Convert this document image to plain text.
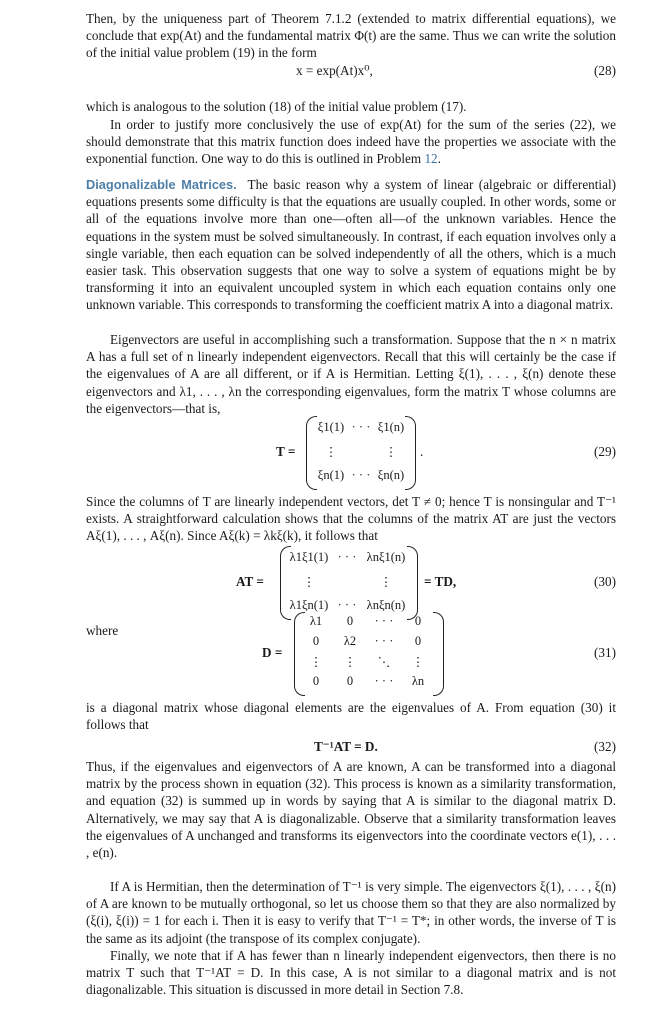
Then, by the uniqueness part of Theorem 7.1.2 (extended to matrix differential equations), we conclude that exp(At) and the fundamental matrix Φ(t) are the same. Thus we can write the solution of the initial value problem (19) in the form

x = exp(At)x⁰,	(28)

which is analogous to the solution (18) of the initial value problem (17).

In order to justify more conclusively the use of exp(At) for the sum of the series (22), we should demonstrate that this matrix function does indeed have the properties we associate with the exponential function. One way to do this is outlined in Problem 12.

Diagonalizable Matrices. The basic reason why a system of linear (algebraic or differential) equations presents some difficulty is that the equations are usually coupled. In other words, some or all of the equations involve more than one—often all—of the unknown variables. Hence the equations in the system must be solved simultaneously. In contrast, if each equation involves only a single variable, then each equation can be solved independently of all the others, which is a much easier task. This observation suggests that one way to solve a system of equations might be by transforming it into an equivalent uncoupled system in which each equation contains only one unknown variable. This corresponds to transforming the coefficient matrix A into a diagonal matrix.

Eigenvectors are useful in accomplishing such a transformation. Suppose that the n × n matrix A has a full set of n linearly independent eigenvectors. Recall that this will certainly be the case if the eigenvalues of A are all different, or if A is Hermitian. Letting ξ(1), . . . , ξ(n) denote these eigenvectors and λ1, . . . , λn the corresponding eigenvalues, form the matrix T whose columns are the eigenvectors—that is,

T =
ξ1(1) · · · ξ1(n)
⋮	⋮
ξn(1) · · · ξn(n)
.	(29)

Since the columns of T are linearly independent vectors, det T ≠ 0; hence T is nonsingular and T⁻¹ exists. A straightforward calculation shows that the columns of the matrix AT are just the vectors Aξ(1), . . . , Aξ(n). Since Aξ(k) = λkξ(k), it follows that

AT =
λ1ξ1(1) · · · λnξ1(n)
⋮	⋮
λ1ξn(1) · · · λnξn(n)
= TD,	(30)

where

D =
λ1	0	· · ·	0
0	λ2	· · ·	0
⋮	⋮	⋱	⋮
0	0	· · ·	λn
(31)

is a diagonal matrix whose diagonal elements are the eigenvalues of A. From equation (30) it follows that

T⁻¹AT = D.	(32)

Thus, if the eigenvalues and eigenvectors of A are known, A can be transformed into a diagonal matrix by the process shown in equation (32). This process is known as a similarity transformation, and equation (32) is summed up in words by saying that A is similar to the diagonal matrix D. Alternatively, we may say that A is diagonalizable. Observe that a similarity transformation leaves the eigenvalues of A unchanged and transforms its eigenvectors into the coordinate vectors e(1), . . . , e(n).

If A is Hermitian, then the determination of T⁻¹ is very simple. The eigenvectors ξ(1), . . . , ξ(n) of A are known to be mutually orthogonal, so let us choose them so that they are also normalized by (ξ(i), ξ(i)) = 1 for each i. Then it is easy to verify that T⁻¹ = T*; in other words, the inverse of T is the same as its adjoint (the transpose of its complex conjugate).

Finally, we note that if A has fewer than n linearly independent eigenvectors, then there is no matrix T such that T⁻¹AT = D. In this case, A is not similar to a diagonal matrix and is not diagonalizable. This situation is discussed in more detail in Section 7.8.
